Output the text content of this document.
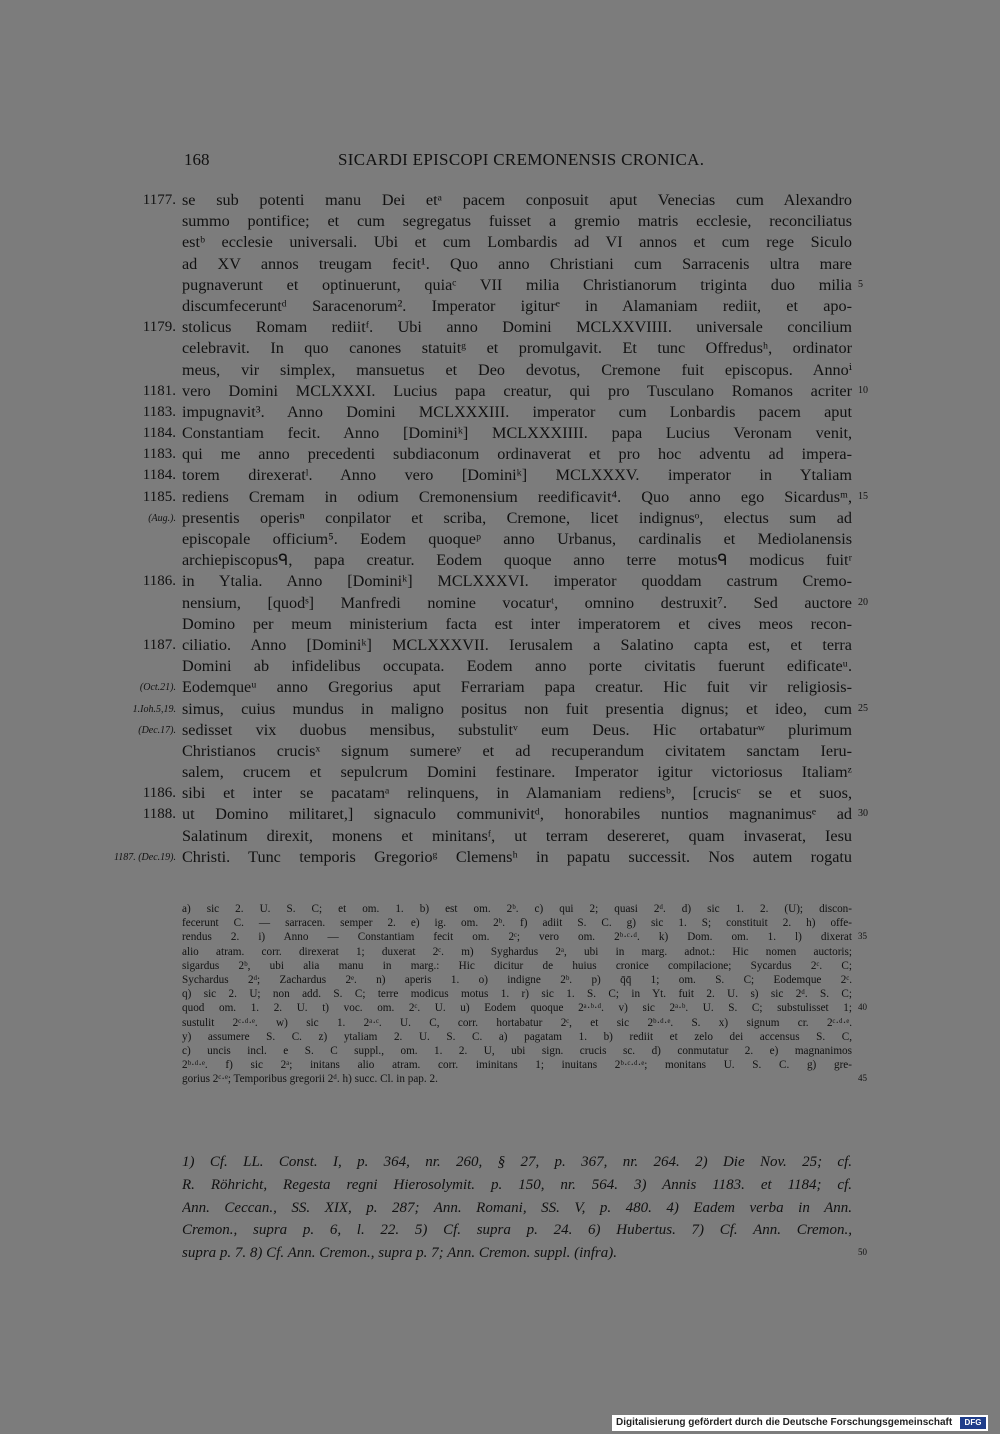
168	SICARDI EPISCOPI CREMONENSIS CRONICA.
1177. se sub potenti manu Dei etᵃ pacem conposuit aput Venecias cum Alexandro
summo pontifice; et cum segregatus fuisset a gremio matris ecclesie, reconciliatus
estᵇ ecclesie universali. Ubi et cum Lombardis ad VI annos et cum rege Siculo
ad XV annos treugam fecit¹. Quo anno Christiani cum Sarracenis ultra mare
pugnaverunt et optinuerunt, quiaᶜ VII milia Christianorum triginta duo milia 5
discumfeceruntᵈ Saracenorum². Imperator igiturᵉ in Alamaniam rediit, et apo-
1179. stolicus Romam rediitᶠ. Ubi anno Domini MCLXXVIIII. universale concilium
celebravit. In quo canones statuitᵍ et promulgavit. Et tunc Offredusʰ, ordinator
meus, vir simplex, mansuetus et Deo devotus, Cremone fuit episcopus. Annoⁱ
1181. vero Domini MCLXXXI. Lucius papa creatur, qui pro Tusculano Romanos acriter 10
1183. impugnavit³. Anno Domini MCLXXXIII. imperator cum Lonbardis pacem aput
1184. Constantiam fecit. Anno [Dominiᵏ] MCLXXXIIII. papa Lucius Veronam venit,
1183. qui me anno precedenti subdiaconum ordinaverat et pro hoc adventu ad impera-
1184. torem direxeratˡ. Anno vero [Dominiᵏ] MCLXXXV. imperator in Ytaliam
1185. rediens Cremam in odium Cremonensium reedificavit⁴. Quo anno ego Sicardusᵐ, 15
(Aug.). presentis operisⁿ conpilator et scriba, Cremone, licet indignusᵒ, electus sum ad
episcopale officium⁵. Eodem quoqueᵖ anno Urbanus, cardinalis et Mediolanensis
archiepiscopusᑫ, papa creatur. Eodem quoque anno terre motusᑫ modicus fuitʳ
1186. in Ytalia. Anno [Dominiᵏ] MCLXXXVI. imperator quoddam castrum Cremo-
nensium, [quodˢ] Manfredi nomine vocaturᵗ, omnino destruxit⁷. Sed auctore 20
Domino per meum ministerium facta est inter imperatorem et cives meos recon-
1187. ciliatio. Anno [Dominiᵏ] MCLXXXVII. Ierusalem a Salatino capta est, et terra
Domini ab infidelibus occupata. Eodem anno porte civitatis fuerunt edificateᵘ.
(Oct.21). Eodemqueᵘ anno Gregorius aput Ferrariam papa creatur. Hic fuit vir religiosis-
1.Ioh.5,19. simus, cuius mundus in maligno positus non fuit presentia dignus; et ideo, cum 25
(Dec.17). sedisset vix duobus mensibus, substulitᵛ eum Deus. Hic ortabaturʷ plurimum
Christianos crucisˣ signum sumereʸ et ad recuperandum civitatem sanctam Ieru-
salem, crucem et sepulcrum Domini festinare. Imperator igitur victoriosus Italiamᶻ
1186. sibi et inter se pacatamᵃ relinquens, in Alamaniam rediensᵇ, [crucisᶜ se et suos,
1188. ut Domino militaret,] signaculo communivitᵈ, honorabiles nuntios magnanimusᵉ ad 30
Salatinum direxit, monens et minitansᶠ, ut terram desereret, quam invaserat, Iesu
1187. (Dec.19). Christi. Tunc temporis Gregorioᵍ Clemensʰ in papatu successit. Nos autem rogatu
a) sic 2. U. S. C; et om. 1. b) est om. 2ᵇ. c) qui 2; quasi 2ᵈ. d) sic 1. 2. (U); discon-
fecerunt C. — sarracen. semper 2. e) ig. om. 2ᵇ. f) adiit S. C. g) sic 1. S; constituit 2. h) offe-
rendus 2. i) Anno — Constantiam fecit om. 2ᶜ; vero om. 2ᵇ·ᶜ·ᵈ. k) Dom. om. 1. l) dixerat 35
alio atram. corr. direxerat 1; duxerat 2ᶜ. m) Syghardus 2ᵃ, ubi in marg. adnot.: Hic nomen auctoris;
sigardus 2ᵇ, ubi alia manu in marg.: Hic dicitur de huius cronice compilacione; Sycardus 2ᶜ. C;
Sychardus 2ᵈ; Zachardus 2ᵉ. n) aperis 1. o) indigne 2ᵇ. p) q̄q̄ 1; om. S. C; Eodemque 2ᶜ.
q) sic 2. U; non add. S. C; terre modicus motus 1. r) sic 1. S. C; in Yt. fuit 2. U. s) sic 2ᵈ. S. C;
quod om. 1. 2. U. t) voc. om. 2ᶜ. U. u) Eodem quoque 2ᵃ·ᵇ·ᵈ. v) sic 2ᵃ·ᵇ. U. S. C; substulisset 1; 40
sustulit 2ᶜ·ᵈ·ᵉ. w) sic 1. 2ᵃ·ᶜ. U. C, corr. hortabatur 2ᶜ, et sic 2ᵇ·ᵈ·ᵉ. S. x) signum cr. 2ᶜ·ᵈ·ᵉ.
y) assumere S. C. z) ytaliam 2. U. S. C. a) pagatam 1. b) rediit et zelo dei accensus S. C,
c) uncis incl. e S. C suppl., om. 1. 2. U, ubi sign. crucis sc. d) conmutatur 2. e) magnanimos
2ᵇ·ᵈ·ᵉ. f) sic 2ᵃ; initans alio atram. corr. iminitans 1; inuitans 2ᵇ·ᶜ·ᵈ·ᵉ; monitans U. S. C. g) gre-
gorius 2ᶜ·ᵉ; Temporibus gregorii 2ᵈ. h) succ. Cl. in pap. 2.	45
1) Cf. LL. Const. I, p. 364, nr. 260, § 27, p. 367, nr. 264. 2) Die Nov. 25; cf.
R. Röhricht, Regesta regni Hierosolymit. p. 150, nr. 564. 3) Annis 1183. et 1184; cf.
Ann. Ceccan., SS. XIX, p. 287; Ann. Romani, SS. V, p. 480. 4) Eadem verba in Ann.
Cremon., supra p. 6, l. 22. 5) Cf. supra p. 24. 6) Hubertus. 7) Cf. Ann. Cremon.,
supra p. 7. 8) Cf. Ann. Cremon., supra p. 7; Ann. Cremon. suppl. (infra).	50
Digitalisierung gefördert durch die Deutsche Forschungsgemeinschaft	DFG
